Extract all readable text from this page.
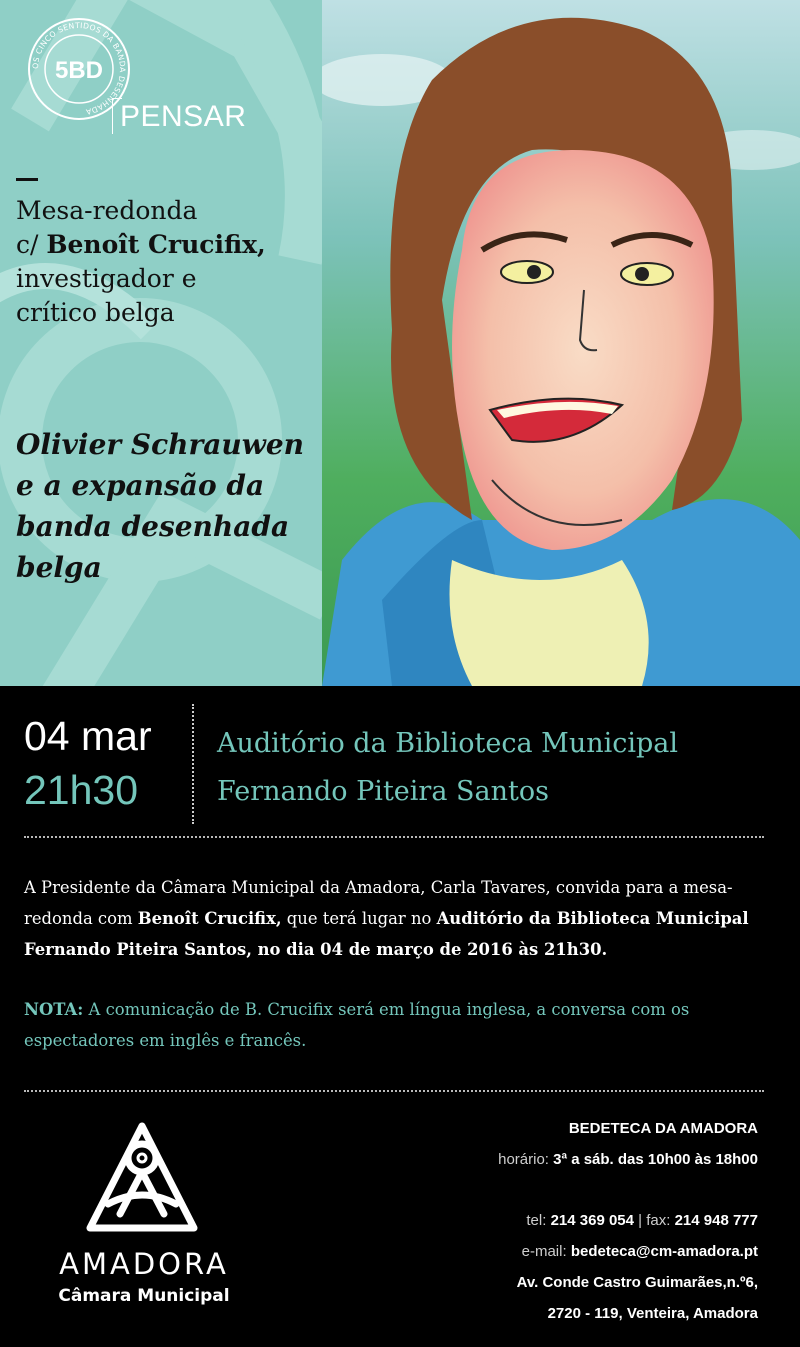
OS CINCO SENTIDOS DA BANDA DESENHADA
5BD
PENSAR
Mesa-redonda
c/ Benoît Crucifix,
investigador e
crítico belga
Olivier Schrauwen
e a expansão da
banda desenhada
belga
04 mar
21h30
Auditório da Biblioteca Municipal
Fernando Piteira Santos
A Presidente da Câmara Municipal da Amadora, Carla Tavares, convida para a mesa-redonda com Benoît Crucifix, que terá lugar no Auditório da Biblioteca Municipal Fernando Piteira Santos, no dia 04 de março de 2016 às 21h30.
NOTA: A comunicação de B. Crucifix será em língua inglesa, a conversa com os espectadores em inglês e francês.
AMADORA
Câmara Municipal
BEDETECA DA AMADORA
horário: 3ª a sáb. das 10h00 às 18h00
tel: 214 369 054 | fax: 214 948 777
e-mail: bedeteca@cm-amadora.pt
Av. Conde Castro Guimarães,n.º6,
2720 - 119, Venteira, Amadora
